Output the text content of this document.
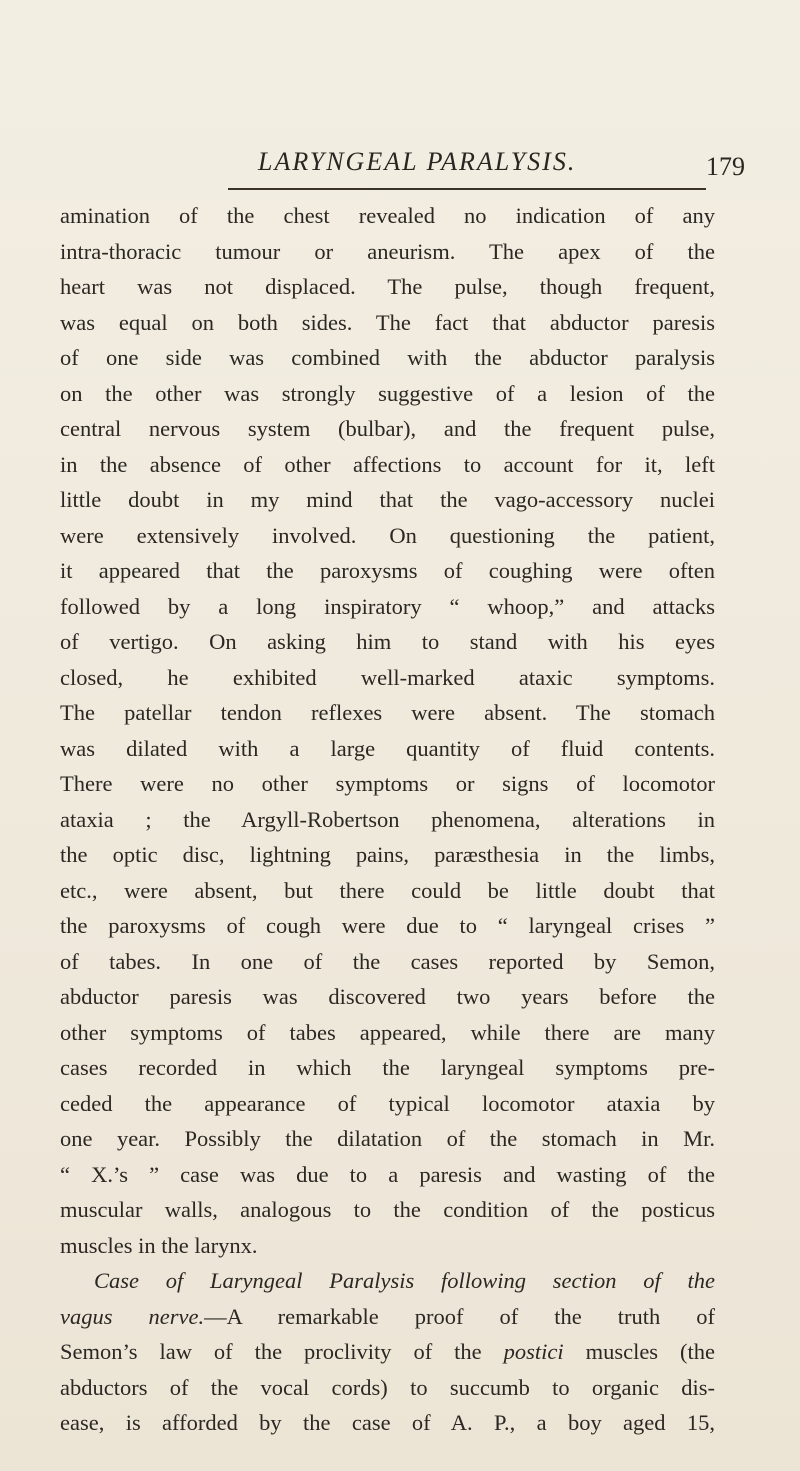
LARYNGEAL PARALYSIS.	179
amination of the chest revealed no indication of any
intra-thoracic tumour or aneurism. The apex of the
heart was not displaced. The pulse, though frequent,
was equal on both sides. The fact that abductor paresis
of one side was combined with the abductor paralysis
on the other was strongly suggestive of a lesion of the
central nervous system (bulbar), and the frequent pulse,
in the absence of other affections to account for it, left
little doubt in my mind that the vago-accessory nuclei
were extensively involved. On questioning the patient,
it appeared that the paroxysms of coughing were often
followed by a long inspiratory “ whoop,” and attacks
of vertigo. On asking him to stand with his eyes
closed, he exhibited well-marked ataxic symptoms.
The patellar tendon reflexes were absent. The stomach
was dilated with a large quantity of fluid contents.
There were no other symptoms or signs of locomotor
ataxia ; the Argyll-Robertson phenomena, alterations in
the optic disc, lightning pains, paræsthesia in the limbs,
etc., were absent, but there could be little doubt that
the paroxysms of cough were due to “ laryngeal crises ”
of tabes. In one of the cases reported by Semon,
abductor paresis was discovered two years before the
other symptoms of tabes appeared, while there are many
cases recorded in which the laryngeal symptoms pre-
ceded the appearance of typical locomotor ataxia by
one year. Possibly the dilatation of the stomach in Mr.
“ X.’s ” case was due to a paresis and wasting of the
muscular walls, analogous to the condition of the posticus
muscles in the larynx.
Case of Laryngeal Paralysis following section of the
vagus nerve.—A remarkable proof of the truth of
Semon’s law of the proclivity of the postici muscles (the
abductors of the vocal cords) to succumb to organic dis-
ease, is afforded by the case of A. P., a boy aged 15,
